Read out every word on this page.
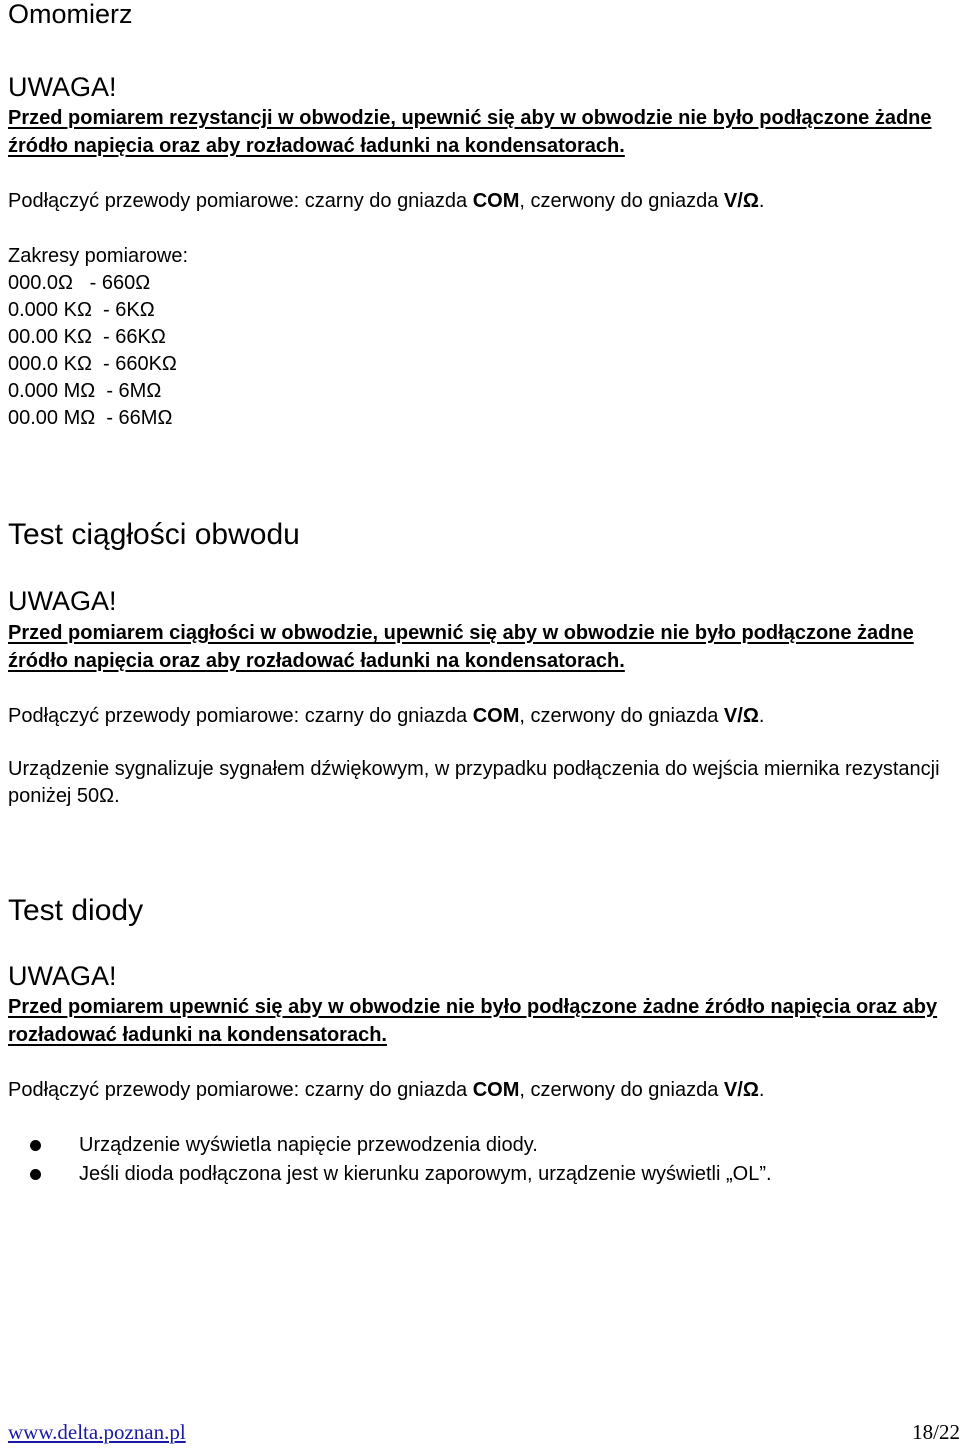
Omomierz
UWAGA!
Przed pomiarem rezystancji w obwodzie, upewnić się aby w obwodzie nie było podłączone żadne źródło napięcia oraz aby rozładować ładunki na kondensatorach.
Podłączyć przewody pomiarowe: czarny do gniazda COM, czerwony do gniazda V/Ω.
Zakresy pomiarowe:
000.0Ω   - 660Ω
0.000 KΩ  - 6KΩ
00.00 KΩ  - 66KΩ
000.0 KΩ  - 660KΩ
0.000 MΩ  - 6MΩ
00.00 MΩ  - 66MΩ
Test ciągłości obwodu
UWAGA!
Przed pomiarem ciągłości w obwodzie, upewnić się aby w obwodzie nie było podłączone żadne źródło napięcia oraz aby rozładować ładunki na kondensatorach.
Podłączyć przewody pomiarowe: czarny do gniazda COM, czerwony do gniazda V/Ω.
Urządzenie sygnalizuje sygnałem dźwiękowym, w przypadku podłączenia do wejścia miernika rezystancji poniżej 50Ω.
Test diody
UWAGA!
Przed pomiarem upewnić się aby w obwodzie nie było podłączone żadne źródło napięcia oraz aby rozładować ładunki na kondensatorach.
Podłączyć przewody pomiarowe: czarny do gniazda COM, czerwony do gniazda V/Ω.
Urządzenie wyświetla napięcie przewodzenia diody.
Jeśli dioda podłączona jest w kierunku zaporowym, urządzenie wyświetli „OL”.
www.delta.poznan.pl	18/22
